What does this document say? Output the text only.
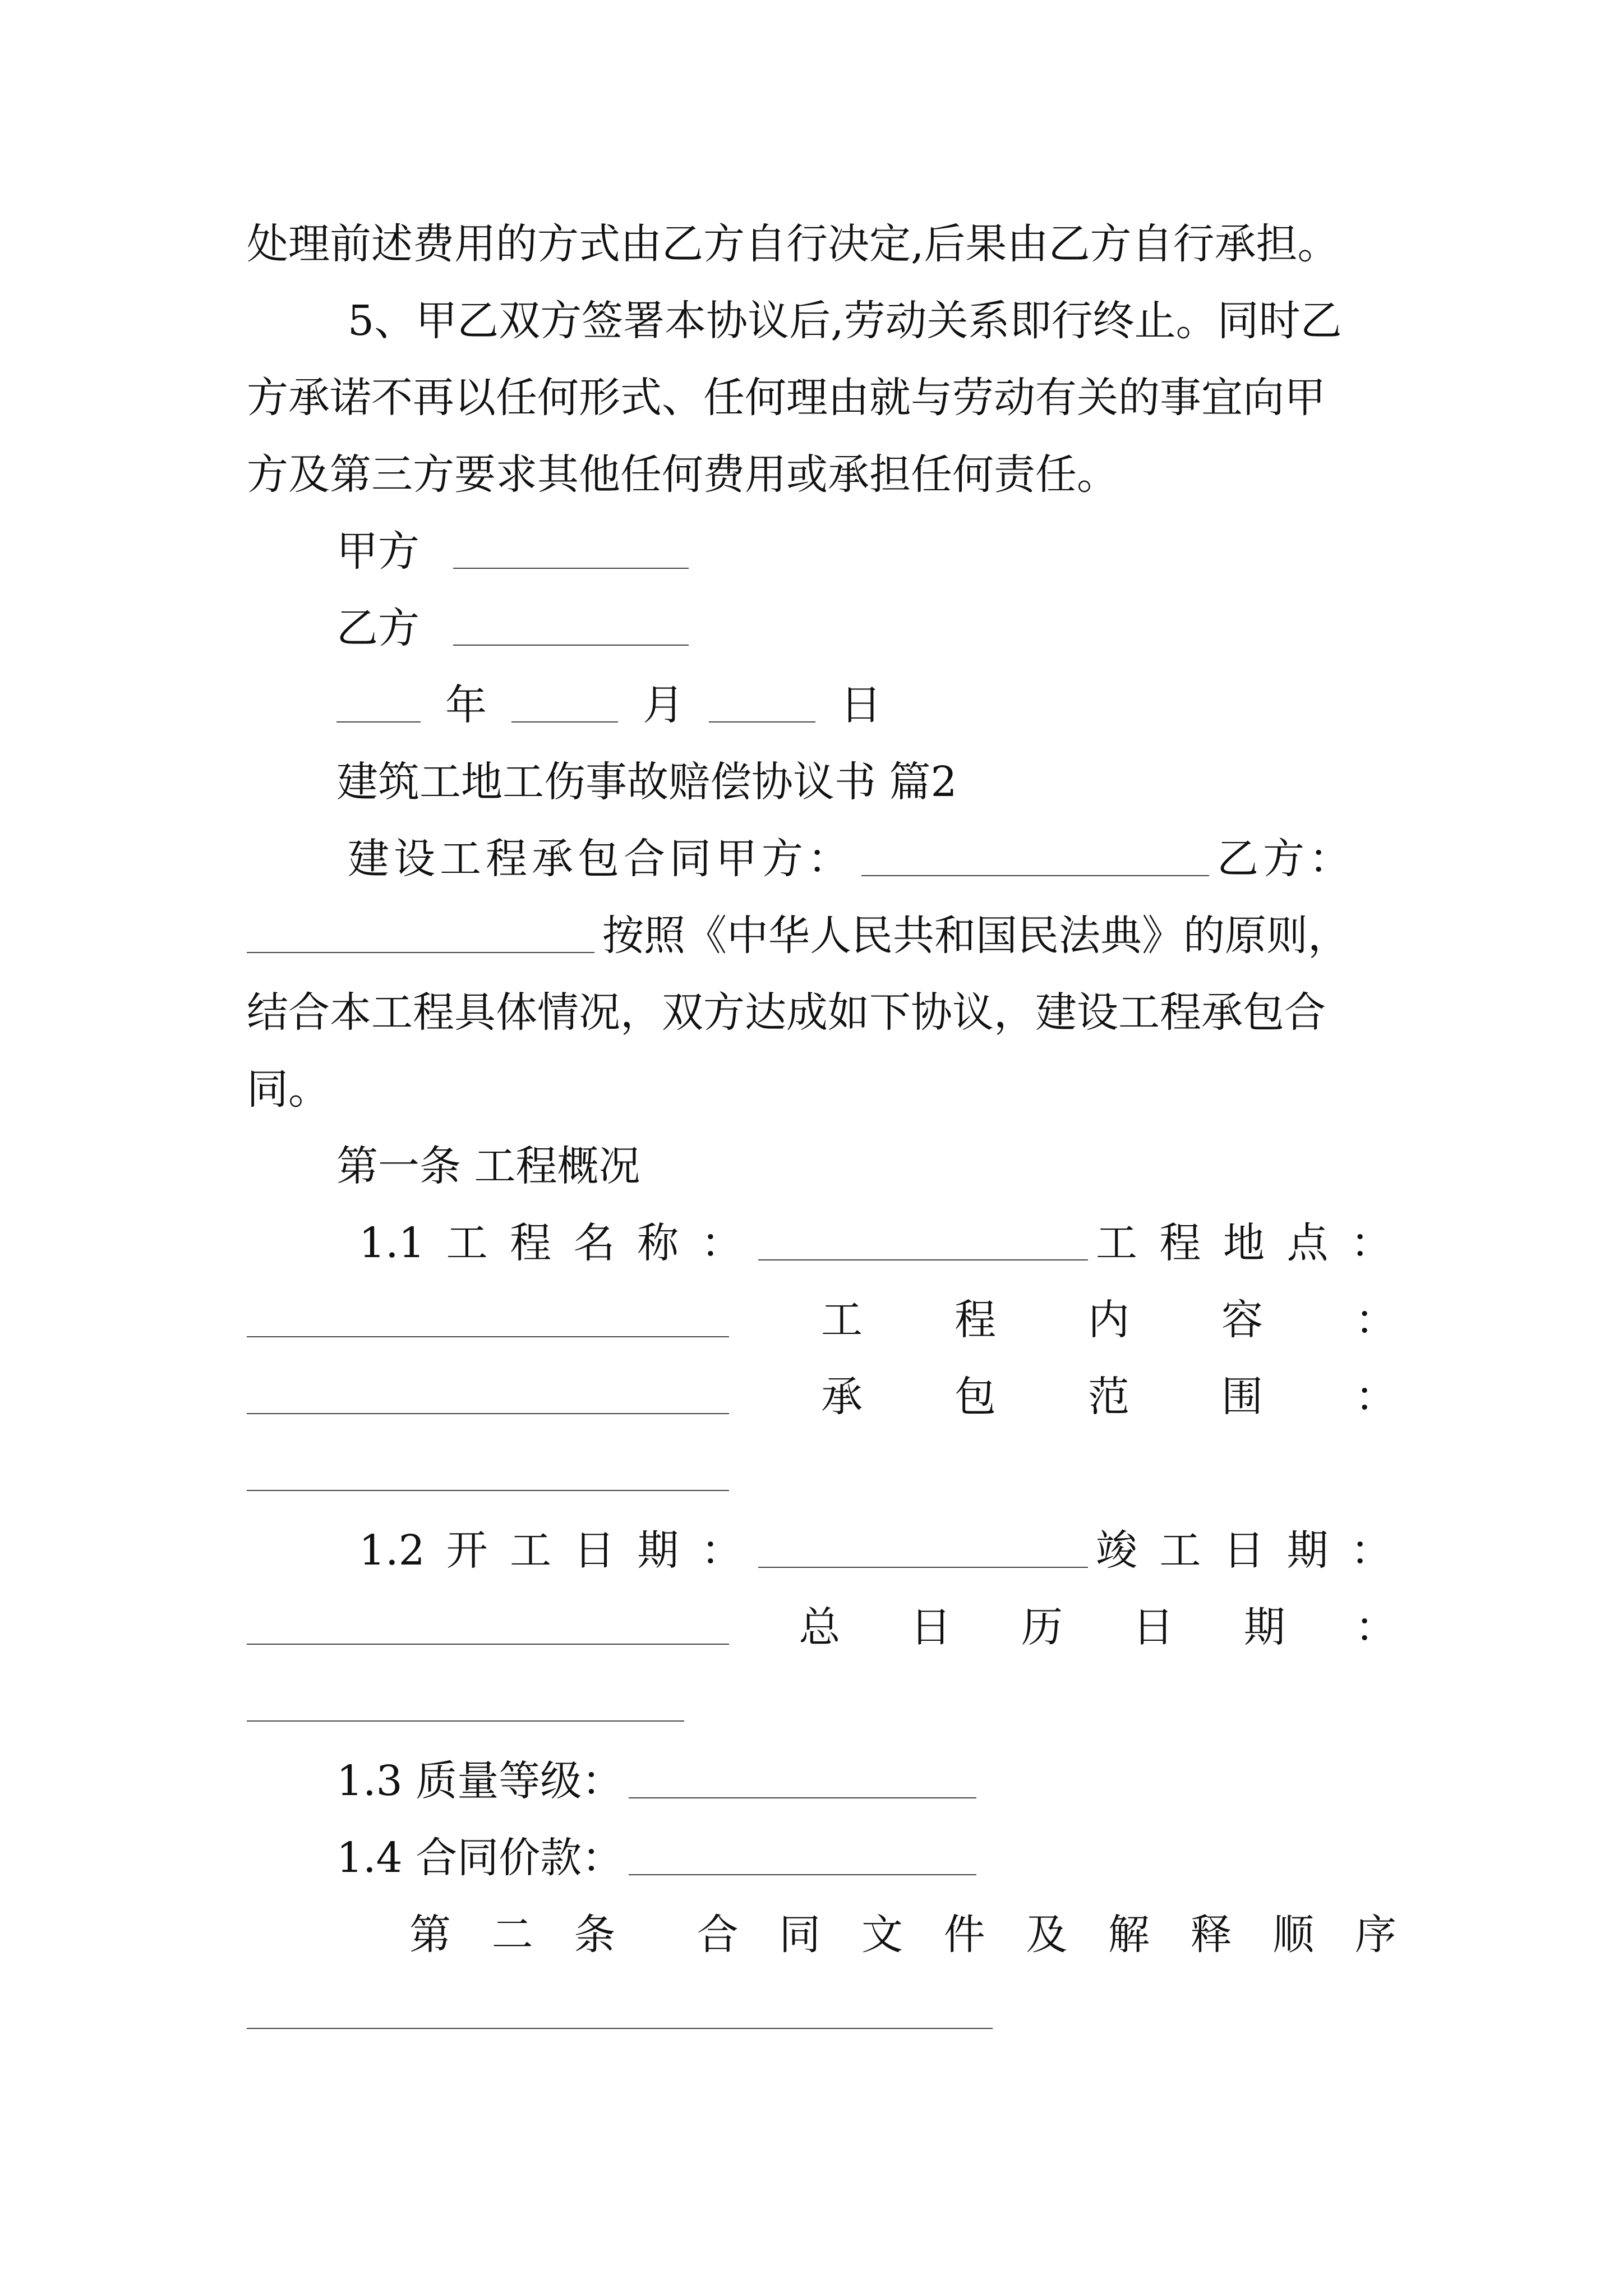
处理前述费用的方式由乙方自行决定,后果由乙方自行承担。
5、甲乙双方签署本协议后,劳动关系即行终止。同时乙
方承诺不再以任何形式、任何理由就与劳动有关的事宜向甲
方及第三方要求其他任何费用或承担任何责任。
甲方
乙方
年	月	日
建筑工地工伤事故赔偿协议书 篇2
建设工程承包合同甲方：	乙方：
按照《中华人民共和国民法典》的原则，
结合本工程具体情况，双方达成如下协议，建设工程承包合
同。
第一条 工程概况
1.1 工 程 名 称 ：	工 程 地 点 ：
工 程 内 容 ：
承 包 范 围 ：
1.2 开 工 日 期 ：	竣 工 日 期 ：
总 日 历 日 期 ：
1.3 质量等级：
1.4 合同价款：
第 二 条 合 同 文 件 及 解 释 顺 序
